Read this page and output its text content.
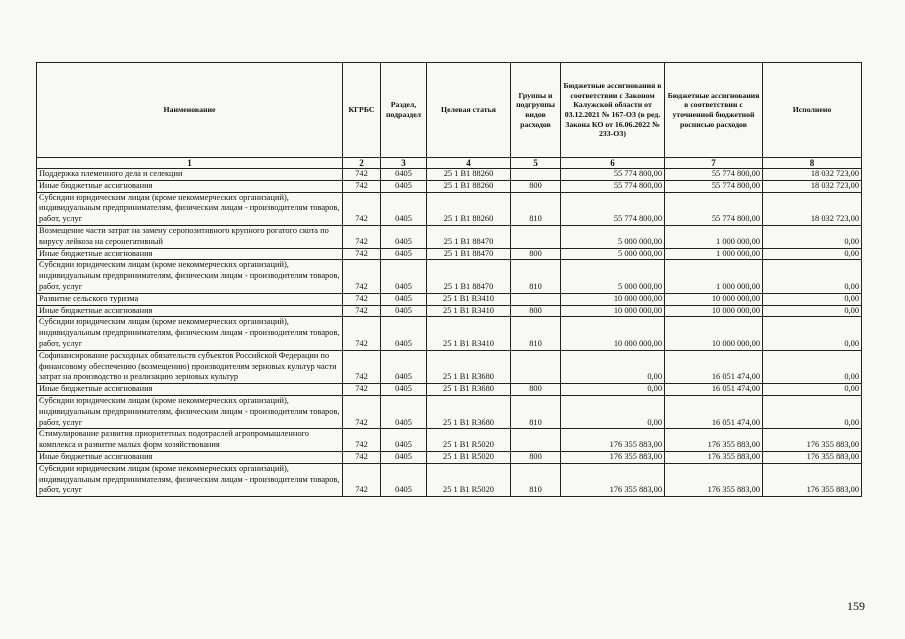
Наименование	КГРБС	Раздел, подраздел	Целевая статья	Группы и подгруппы видов расходов	Бюджетные ассигнования в соответствии с Законом Калужской области от 03.12.2021 № 167-ОЗ (в ред. Закона КО от 16.06.2022 № 233-ОЗ)	Бюджетные ассигнования в соответствии с уточненной бюджетной росписью расходов	Исполнено
1	2	3	4	5	6	7	8
Поддержка племенного дела и селекции	742	0405	25 1 В1 88260		55 774 800,00	55 774 800,00	18 032 723,00
Иные бюджетные ассигнования	742	0405	25 1 В1 88260	800	55 774 800,00	55 774 800,00	18 032 723,00
Субсидии юридическим лицам (кроме некоммерческих организаций), индивидуальным предпринимателям, физическим лицам - производителям товаров, работ, услуг	742	0405	25 1 В1 88260	810	55 774 800,00	55 774 800,00	18 032 723,00
Возмещение части затрат на замену серопозитивного крупного рогатого скота по вирусу лейкоза на серонегативный	742	0405	25 1 В1 88470		5 000 000,00	1 000 000,00	0,00
Иные бюджетные ассигнования	742	0405	25 1 В1 88470	800	5 000 000,00	1 000 000,00	0,00
Субсидии юридическим лицам (кроме некоммерческих организаций), индивидуальным предпринимателям, физическим лицам - производителям товаров, работ, услуг	742	0405	25 1 В1 88470	810	5 000 000,00	1 000 000,00	0,00
Развитие сельского туризма	742	0405	25 1 В1 R3410		10 000 000,00	10 000 000,00	0,00
Иные бюджетные ассигнования	742	0405	25 1 В1 R3410	800	10 000 000,00	10 000 000,00	0,00
Субсидии юридическим лицам (кроме некоммерческих организаций), индивидуальным предпринимателям, физическим лицам - производителям товаров, работ, услуг	742	0405	25 1 В1 R3410	810	10 000 000,00	10 000 000,00	0,00
Софинансирование расходных обязательств субъектов Российской Федерации по финансовому обеспечению (возмещению) производителям зерновых культур части затрат на производство и реализацию зерновых культур	742	0405	25 1 В1 R3680		0,00	16 051 474,00	0,00
Иные бюджетные ассигнования	742	0405	25 1 В1 R3680	800	0,00	16 051 474,00	0,00
Субсидии юридическим лицам (кроме некоммерческих организаций), индивидуальным предпринимателям, физическим лицам - производителям товаров, работ, услуг	742	0405	25 1 В1 R3680	810	0,00	16 051 474,00	0,00
Стимулирование развития приоритетных подотраслей агропромышленного комплекса и развитие малых форм хозяйствования	742	0405	25 1 В1 R5020		176 355 883,00	176 355 883,00	176 355 883,00
Иные бюджетные ассигнования	742	0405	25 1 В1 R5020	800	176 355 883,00	176 355 883,00	176 355 883,00
Субсидии юридическим лицам (кроме некоммерческих организаций), индивидуальным предпринимателям, физическим лицам - производителям товаров, работ, услуг	742	0405	25 1 В1 R5020	810	176 355 883,00	176 355 883,00	176 355 883,00
159
